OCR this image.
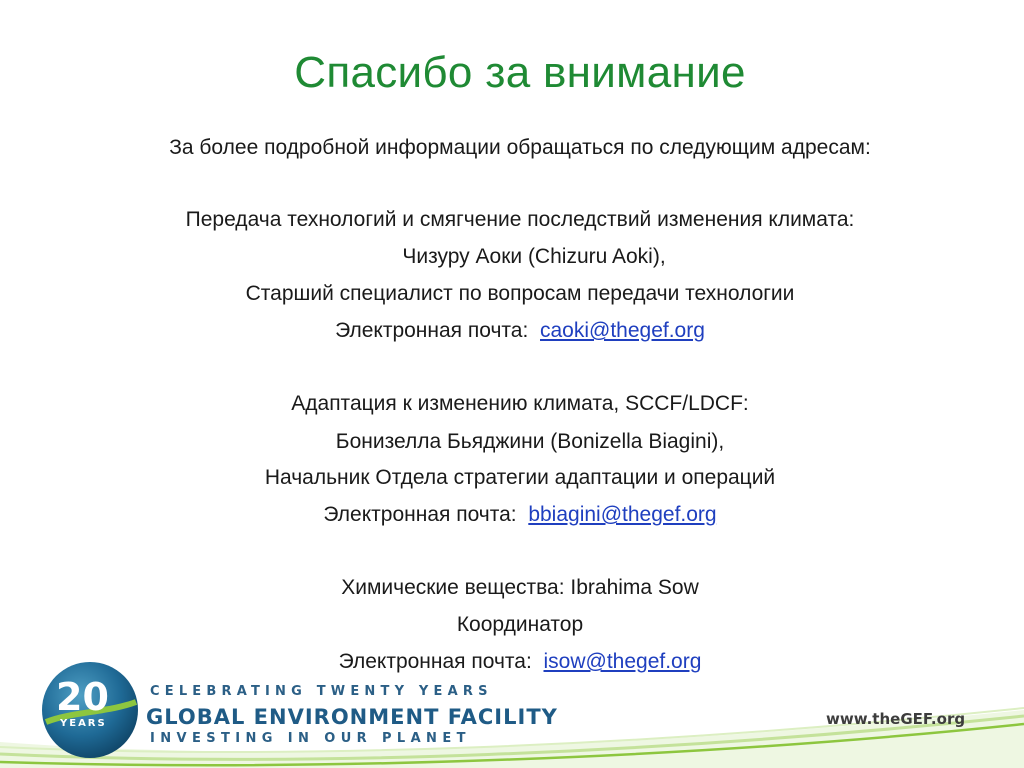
Спасибо за внимание
За более подробной информации обращаться по следующим адресам:
Передача технологий и смягчение последствий изменения климата:
Чизуру Аоки (Chizuru Aoki),
Старший специалист по вопросам передачи технологии
Электронная почта: caoki@thegef.org
Адаптация к изменению климата, SCCF/LDCF:
Бонизелла Бьяджини (Bonizella Biagini),
Начальник Отдела стратегии адаптации и операций
Электронная почта: bbiagini@thegef.org
Химические вещества: Ibrahima Sow
Координатор
Электронная почта: isow@thegef.org
20
YEARS
CELEBRATING TWENTY YEARS
GLOBAL ENVIRONMENT FACILITY
INVESTING IN OUR PLANET
www.theGEF.org
